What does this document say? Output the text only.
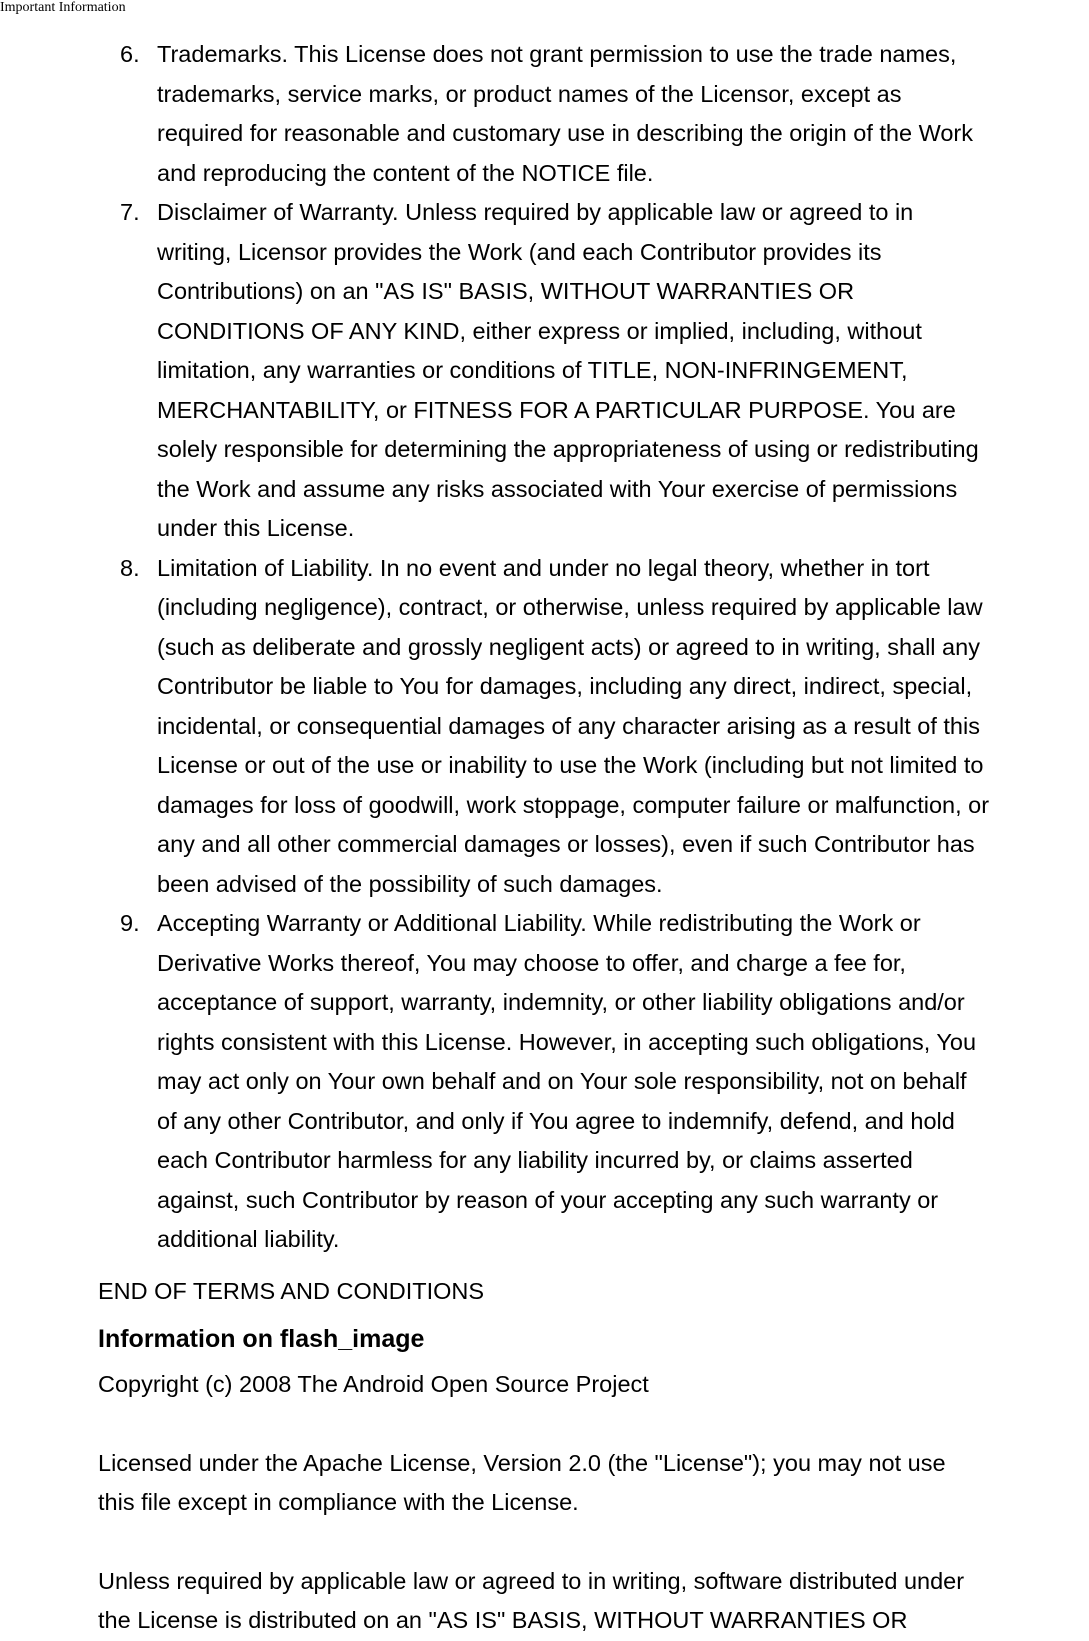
Important Information
6. Trademarks. This License does not grant permission to use the trade names,
trademarks, service marks, or product names of the Licensor, except as
required for reasonable and customary use in describing the origin of the Work
and reproducing the content of the NOTICE file.
7. Disclaimer of Warranty. Unless required by applicable law or agreed to in
writing, Licensor provides the Work (and each Contributor provides its
Contributions) on an "AS IS" BASIS, WITHOUT WARRANTIES OR
CONDITIONS OF ANY KIND, either express or implied, including, without
limitation, any warranties or conditions of TITLE, NON-INFRINGEMENT,
MERCHANTABILITY, or FITNESS FOR A PARTICULAR PURPOSE. You are
solely responsible for determining the appropriateness of using or redistributing
the Work and assume any risks associated with Your exercise of permissions
under this License.
8. Limitation of Liability. In no event and under no legal theory, whether in tort
(including negligence), contract, or otherwise, unless required by applicable law
(such as deliberate and grossly negligent acts) or agreed to in writing, shall any
Contributor be liable to You for damages, including any direct, indirect, special,
incidental, or consequential damages of any character arising as a result of this
License or out of the use or inability to use the Work (including but not limited to
damages for loss of goodwill, work stoppage, computer failure or malfunction, or
any and all other commercial damages or losses), even if such Contributor has
been advised of the possibility of such damages.
9. Accepting Warranty or Additional Liability. While redistributing the Work or
Derivative Works thereof, You may choose to offer, and charge a fee for,
acceptance of support, warranty, indemnity, or other liability obligations and/or
rights consistent with this License. However, in accepting such obligations, You
may act only on Your own behalf and on Your sole responsibility, not on behalf
of any other Contributor, and only if You agree to indemnify, defend, and hold
each Contributor harmless for any liability incurred by, or claims asserted
against, such Contributor by reason of your accepting any such warranty or
additional liability.
END OF TERMS AND CONDITIONS
Information on flash_image
Copyright (c) 2008 The Android Open Source Project
Licensed under the Apache License, Version 2.0 (the "License"); you may not use
this file except in compliance with the License.
Unless required by applicable law or agreed to in writing, software distributed under
the License is distributed on an "AS IS" BASIS, WITHOUT WARRANTIES OR
